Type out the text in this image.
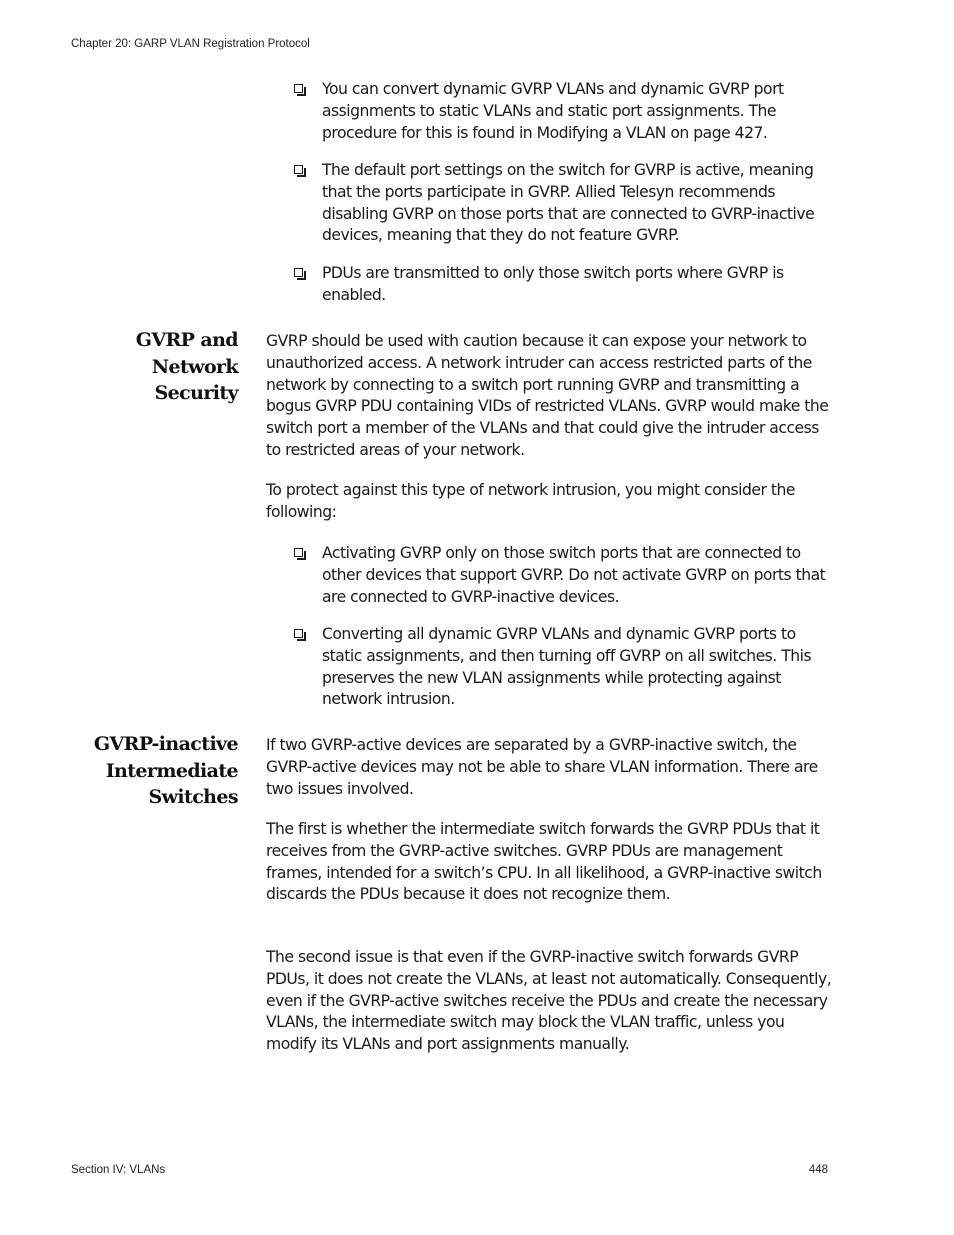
Chapter 20: GARP VLAN Registration Protocol

You can convert dynamic GVRP VLANs and dynamic GVRP port assignments to static VLANs and static port assignments. The procedure for this is found in Modifying a VLAN on page 427.

The default port settings on the switch for GVRP is active, meaning that the ports participate in GVRP. Allied Telesyn recommends disabling GVRP on those ports that are connected to GVRP-inactive devices, meaning that they do not feature GVRP.

PDUs are transmitted to only those switch ports where GVRP is enabled.

GVRP and
Network
Security

GVRP should be used with caution because it can expose your network to unauthorized access. A network intruder can access restricted parts of the network by connecting to a switch port running GVRP and transmitting a bogus GVRP PDU containing VIDs of restricted VLANs. GVRP would make the switch port a member of the VLANs and that could give the intruder access to restricted areas of your network.

To protect against this type of network intrusion, you might consider the following:

Activating GVRP only on those switch ports that are connected to other devices that support GVRP. Do not activate GVRP on ports that are connected to GVRP-inactive devices.

Converting all dynamic GVRP VLANs and dynamic GVRP ports to static assignments, and then turning off GVRP on all switches. This preserves the new VLAN assignments while protecting against network intrusion.

GVRP-inactive
Intermediate
Switches

If two GVRP-active devices are separated by a GVRP-inactive switch, the GVRP-active devices may not be able to share VLAN information. There are two issues involved.

The first is whether the intermediate switch forwards the GVRP PDUs that it receives from the GVRP-active switches. GVRP PDUs are management frames, intended for a switch’s CPU. In all likelihood, a GVRP-inactive switch discards the PDUs because it does not recognize them.

The second issue is that even if the GVRP-inactive switch forwards GVRP PDUs, it does not create the VLANs, at least not automatically. Consequently, even if the GVRP-active switches receive the PDUs and create the necessary VLANs, the intermediate switch may block the VLAN traffic, unless you modify its VLANs and port assignments manually.

Section IV: VLANs	448
